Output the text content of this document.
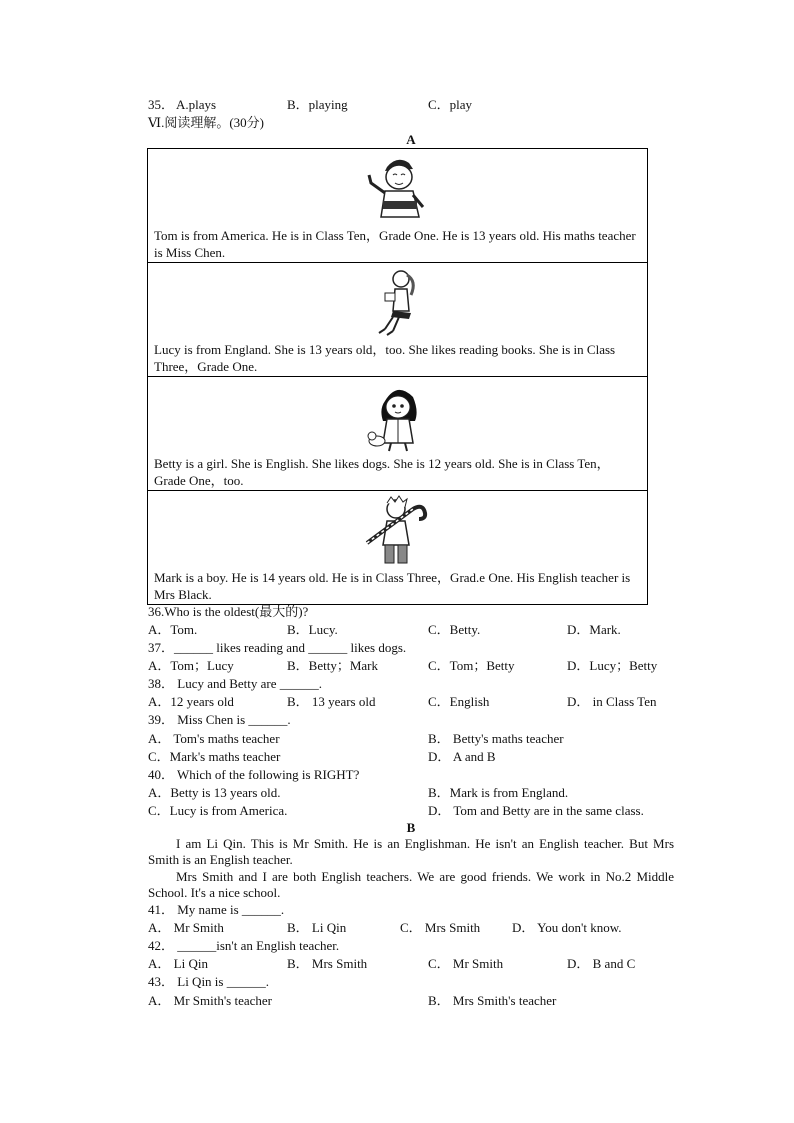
35． A.plays	B．playing	C．play
Ⅵ.阅读理解。(30分)
A
Tom is from America. He is in Class Ten，Grade One. He is 13 years old. His maths teacher is Miss Chen.
Lucy is from England. She is 13 years old，too. She likes reading books. She is in Class Three，Grade One.
Betty is a girl. She is English. She likes dogs. She is 12 years old. She is in Class Ten，Grade One，too.
Mark is a boy. He is 14 years old. He is in Class Three，Grad.e One. His English teacher is Mrs Black.
36.Who is the oldest(最大的)?
A．Tom.	B．Lucy.	C．Betty.	D．Mark.
37．______ likes reading and ______ likes dogs.
A．Tom；Lucy	B．Betty；Mark	C．Tom；Betty	D．Lucy；Betty
38． Lucy and Betty are ______.
A．12 years old	B． 13 years old	C．English	D． in Class Ten
39． Miss Chen is ______.
A． Tom's maths teacher	B． Betty's maths teacher
C．Mark's maths teacher	D． A and B
40． Which of the following is RIGHT?
A．Betty is 13 years old.	B．Mark is from England.
C．Lucy is from America.	D． Tom and Betty are in the same class.
B
I am Li Qin. This is Mr Smith. He is an Englishman. He isn't an English teacher. But Mrs Smith is an English teacher.
Mrs Smith and I are both English teachers. We are good friends. We work in No.2 Middle School. It's a nice school.
41． My name is ______.
A． Mr Smith	B． Li Qin	C． Mrs Smith D． You don't know.
42． ______isn't an English teacher.
A． Li Qin	B． Mrs Smith	C． Mr Smith	D． B and C
43． Li Qin is ______.
A． Mr Smith's teacher	B． Mrs Smith's teacher
